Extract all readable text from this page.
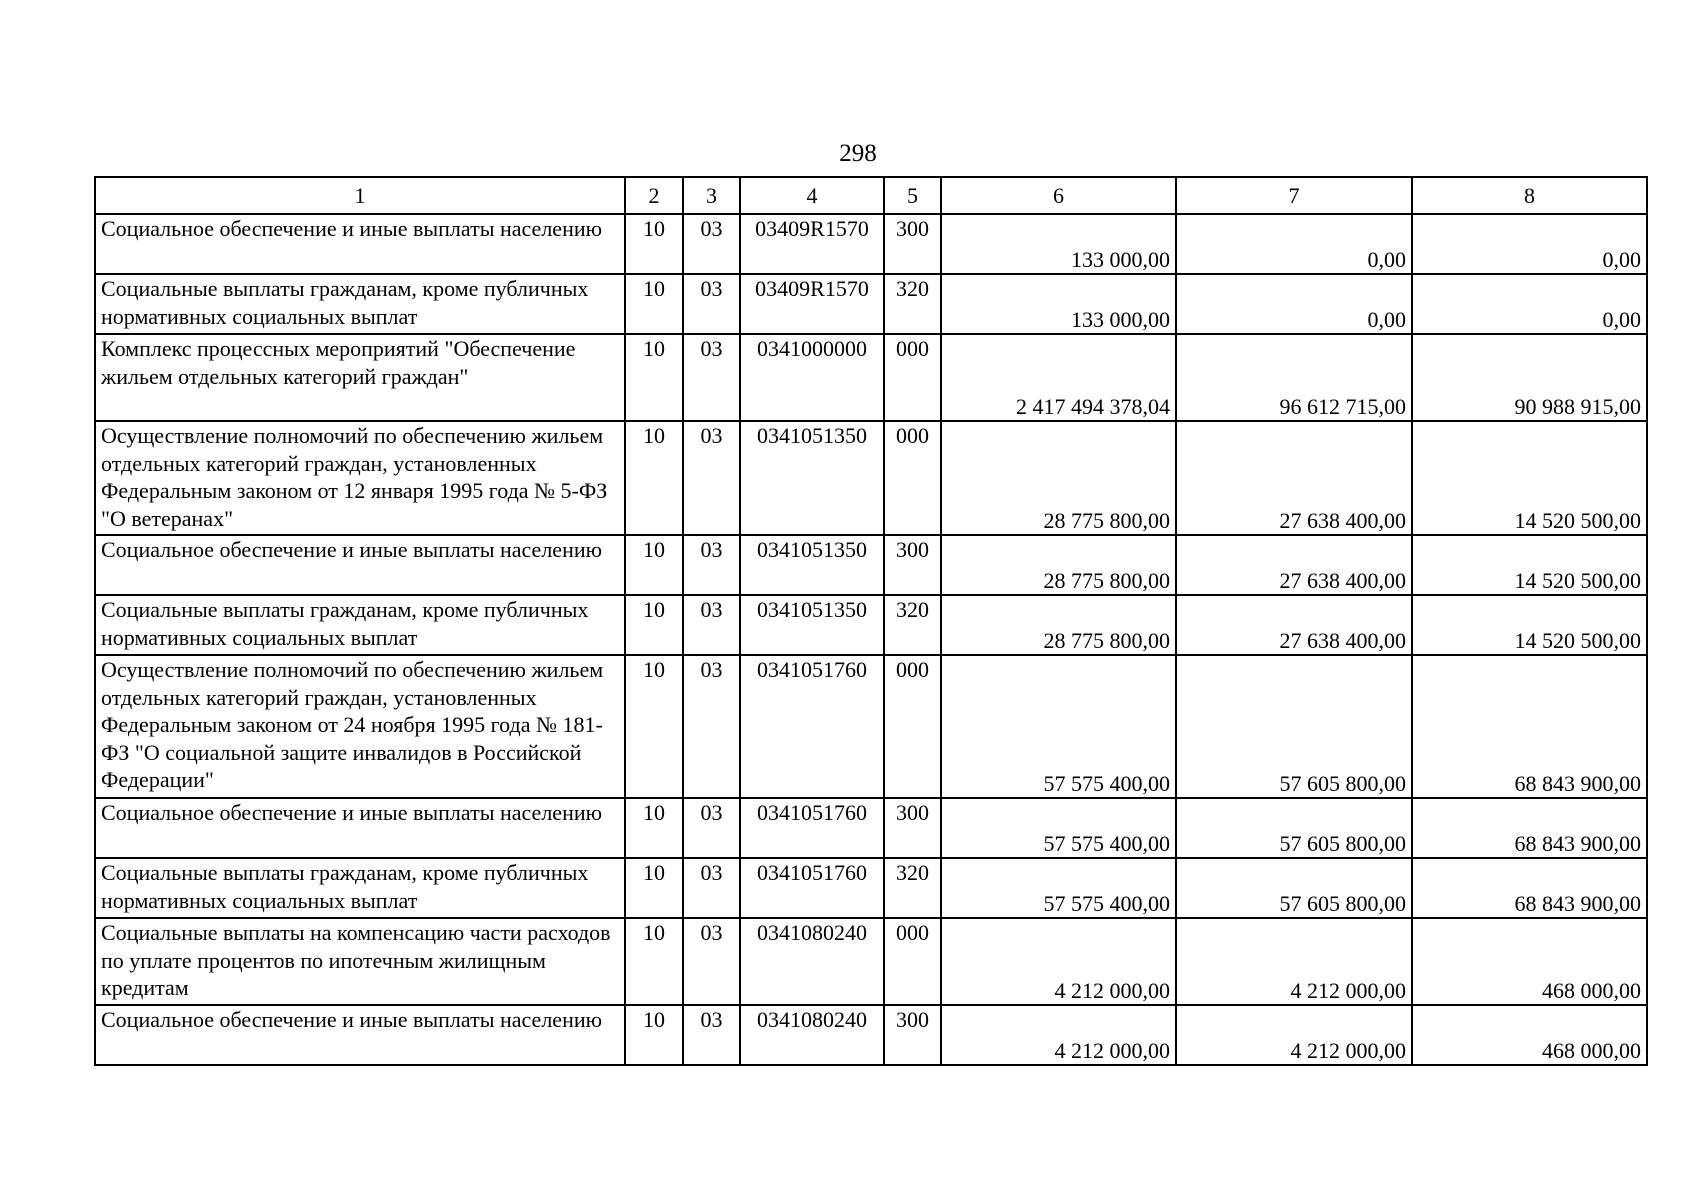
298
1	2	3	4	5	6	7	8
Социальное обеспечение и иные выплаты населению	10	03	03409R1570	300	133 000,00	0,00	0,00
Социальные выплаты гражданам, кроме публичных нормативных социальных выплат	10	03	03409R1570	320	133 000,00	0,00	0,00
Комплекс процессных мероприятий "Обеспечение жильем отдельных категорий граждан"	10	03	0341000000	000	2 417 494 378,04	96 612 715,00	90 988 915,00
Осуществление полномочий по обеспечению жильем отдельных категорий граждан, установленных Федеральным законом от 12 января 1995 года № 5-ФЗ "О ветеранах"	10	03	0341051350	000	28 775 800,00	27 638 400,00	14 520 500,00
Социальное обеспечение и иные выплаты населению	10	03	0341051350	300	28 775 800,00	27 638 400,00	14 520 500,00
Социальные выплаты гражданам, кроме публичных нормативных социальных выплат	10	03	0341051350	320	28 775 800,00	27 638 400,00	14 520 500,00
Осуществление полномочий по обеспечению жильем отдельных категорий граждан, установленных Федеральным законом от 24 ноября 1995 года № 181-ФЗ "О социальной защите инвалидов в Российской Федерации"	10	03	0341051760	000	57 575 400,00	57 605 800,00	68 843 900,00
Социальное обеспечение и иные выплаты населению	10	03	0341051760	300	57 575 400,00	57 605 800,00	68 843 900,00
Социальные выплаты гражданам, кроме публичных нормативных социальных выплат	10	03	0341051760	320	57 575 400,00	57 605 800,00	68 843 900,00
Социальные выплаты на компенсацию части расходов по уплате процентов по ипотечным жилищным кредитам	10	03	0341080240	000	4 212 000,00	4 212 000,00	468 000,00
Социальное обеспечение и иные выплаты населению	10	03	0341080240	300	4 212 000,00	4 212 000,00	468 000,00
